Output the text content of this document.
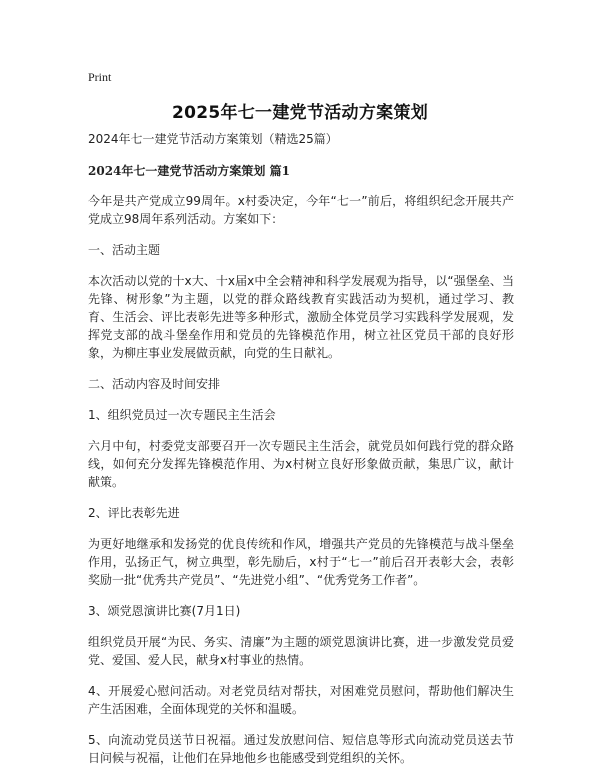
Print
2025年七一建党节活动方案策划

2024年七一建党节活动方案策划（精选25篇）

2024年七一建党节活动方案策划 篇1

今年是共产党成立99周年。x村委决定，今年“七一”前后，将组织纪念开展共产党成立98周年系列活动。方案如下：

一、活动主题

本次活动以党的十x大、十x届x中全会精神和科学发展观为指导，以“强堡垒、当先锋、树形象”为主题，以党的群众路线教育实践活动为契机，通过学习、教育、生活会、评比表彰先进等多种形式，激励全体党员学习实践科学发展观，发挥党支部的战斗堡垒作用和党员的先锋模范作用，树立社区党员干部的良好形象，为柳庄事业发展做贡献，向党的生日献礼。

二、活动内容及时间安排

1、组织党员过一次专题民主生活会

六月中旬，村委党支部要召开一次专题民主生活会，就党员如何践行党的群众路线，如何充分发挥先锋模范作用、为x村树立良好形象做贡献，集思广议，献计献策。

2、评比表彰先进

为更好地继承和发扬党的优良传统和作风，增强共产党员的先锋模范与战斗堡垒作用，弘扬正气，树立典型，彰先励后，x村于“七一”前后召开表彰大会，表彰奖励一批“优秀共产党员”、“先进党小组”、“优秀党务工作者”。

3、颂党恩演讲比赛(7月1日)

组织党员开展“为民、务实、清廉”为主题的颂党恩演讲比赛，进一步激发党员爱党、爱国、爱人民，献身x村事业的热情。

4、开展爱心慰问活动。对老党员结对帮扶，对困难党员慰问，帮助他们解决生产生活困难，全面体现党的关怀和温暖。

5、向流动党员送节日祝福。通过发放慰问信、短信息等形式向流动党员送去节日问候与祝福，让他们在异地他乡也能感受到党组织的关怀。
